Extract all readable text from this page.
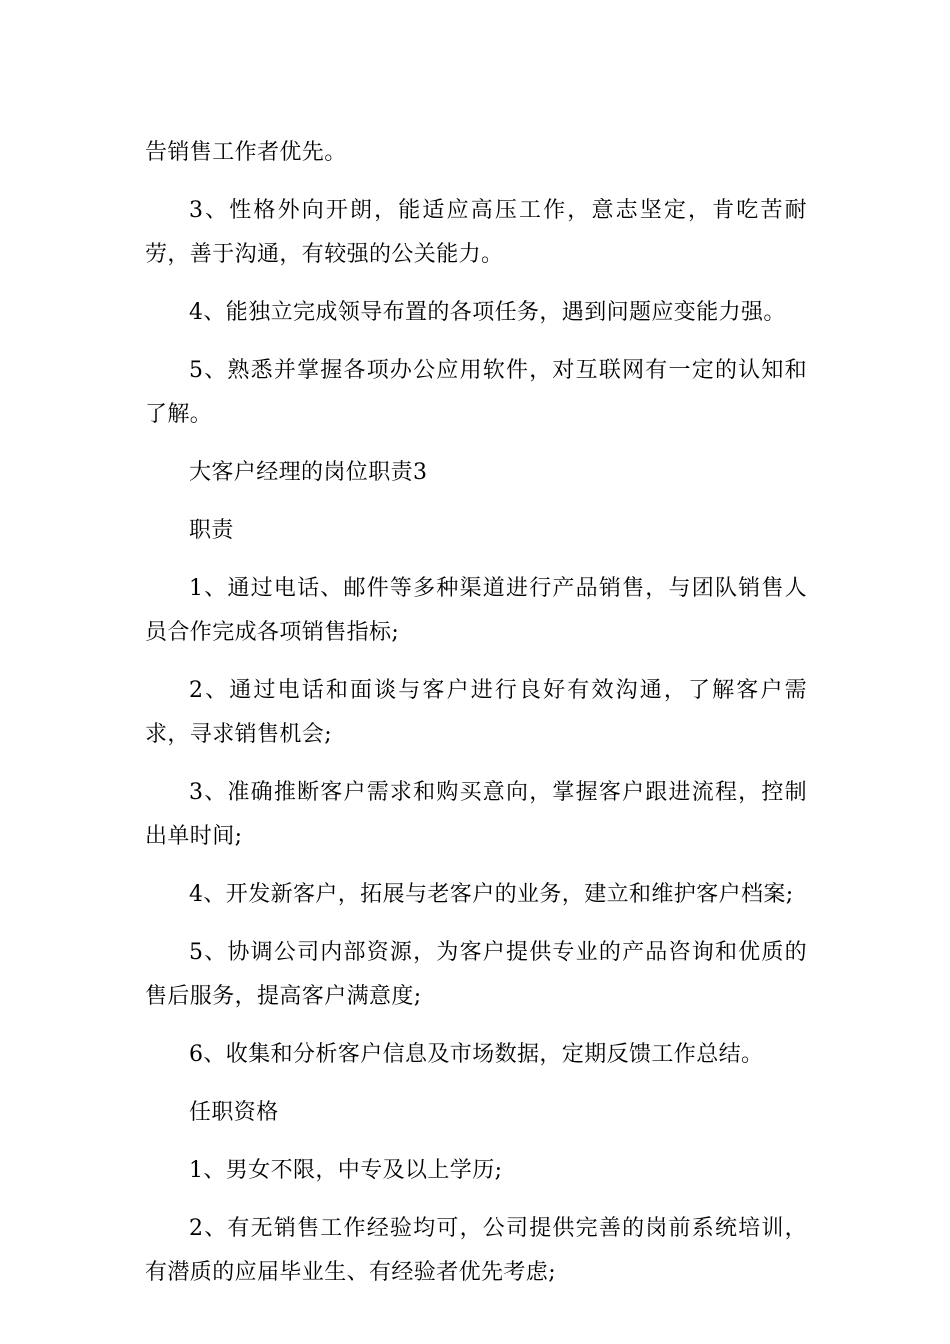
告销售工作者优先。

3、性格外向开朗，能适应高压工作，意志坚定，肯吃苦耐劳，善于沟通，有较强的公关能力。

4、能独立完成领导布置的各项任务，遇到问题应变能力强。

5、熟悉并掌握各项办公应用软件，对互联网有一定的认知和了解。

大客户经理的岗位职责3

职责

1、通过电话、邮件等多种渠道进行产品销售，与团队销售人员合作完成各项销售指标;

2、通过电话和面谈与客户进行良好有效沟通，了解客户需求，寻求销售机会;

3、准确推断客户需求和购买意向，掌握客户跟进流程，控制出单时间;

4、开发新客户，拓展与老客户的业务，建立和维护客户档案;

5、协调公司内部资源，为客户提供专业的产品咨询和优质的售后服务，提高客户满意度;

6、收集和分析客户信息及市场数据，定期反馈工作总结。

任职资格

1、男女不限，中专及以上学历;

2、有无销售工作经验均可，公司提供完善的岗前系统培训，有潜质的应届毕业生、有经验者优先考虑;
